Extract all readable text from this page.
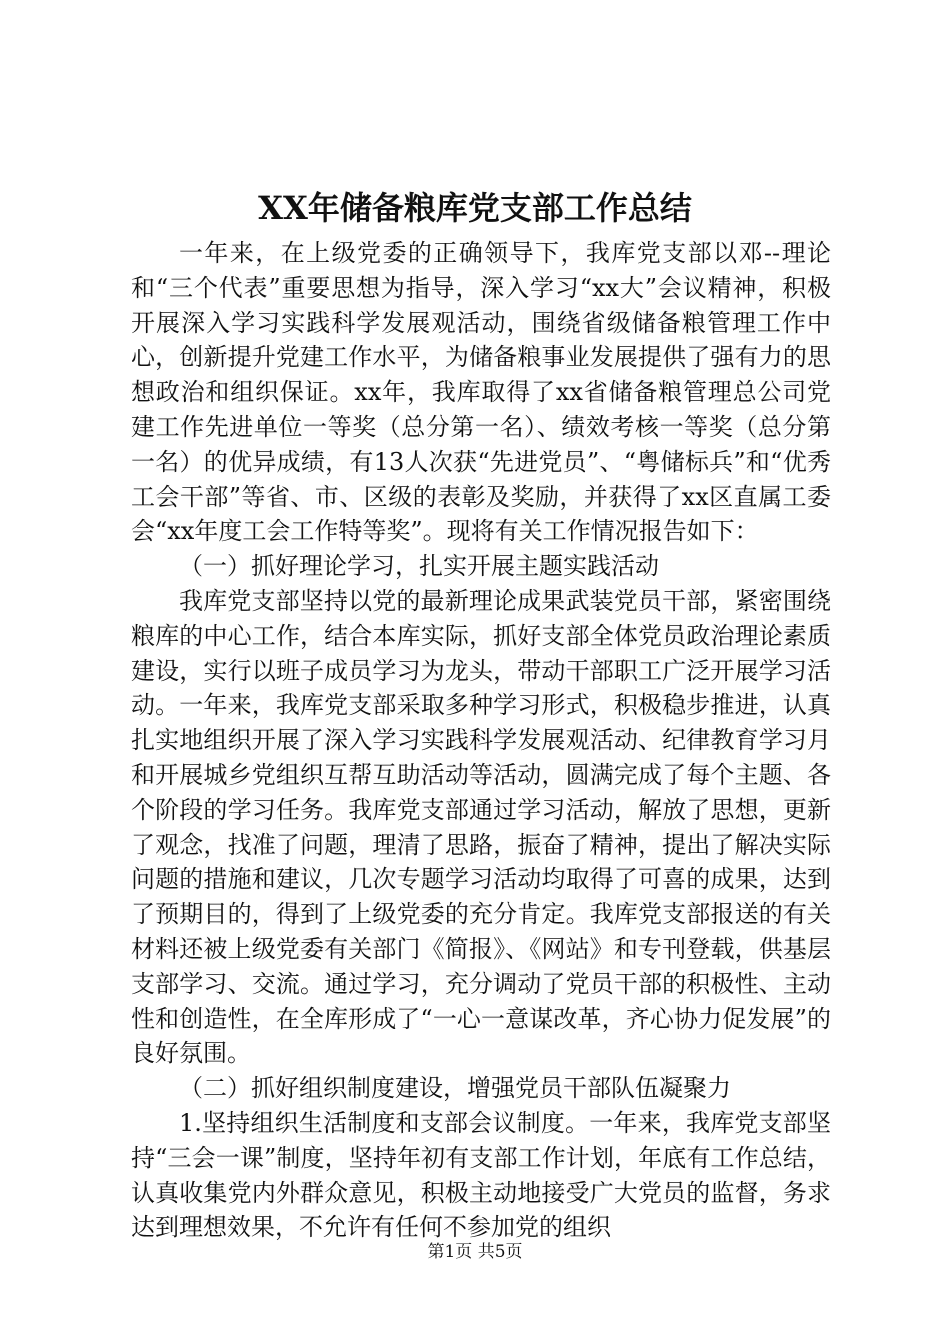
XX年储备粮库党支部工作总结

一年来，在上级党委的正确领导下，我库党支部以邓--理论和“三个代表”重要思想为指导，深入学习“xx大”会议精神，积极开展深入学习实践科学发展观活动，围绕省级储备粮管理工作中心，创新提升党建工作水平，为储备粮事业发展提供了强有力的思想政治和组织保证。xx年，我库取得了xx省储备粮管理总公司党建工作先进单位一等奖（总分第一名）、绩效考核一等奖（总分第一名）的优异成绩，有13人次获“先进党员”、“粤储标兵”和“优秀工会干部”等省、市、区级的表彰及奖励，并获得了xx区直属工委会“xx年度工会工作特等奖”。现将有关工作情况报告如下：

（一）抓好理论学习，扎实开展主题实践活动

我库党支部坚持以党的最新理论成果武装党员干部，紧密围绕粮库的中心工作，结合本库实际，抓好支部全体党员政治理论素质建设，实行以班子成员学习为龙头，带动干部职工广泛开展学习活动。一年来，我库党支部采取多种学习形式，积极稳步推进，认真扎实地组织开展了深入学习实践科学发展观活动、纪律教育学习月和开展城乡党组织互帮互助活动等活动，圆满完成了每个主题、各个阶段的学习任务。我库党支部通过学习活动，解放了思想，更新了观念，找准了问题，理清了思路，振奋了精神，提出了解决实际问题的措施和建议，几次专题学习活动均取得了可喜的成果，达到了预期目的，得到了上级党委的充分肯定。我库党支部报送的有关材料还被上级党委有关部门《简报》、《网站》和专刊登载，供基层支部学习、交流。通过学习，充分调动了党员干部的积极性、主动性和创造性，在全库形成了“一心一意谋改革，齐心协力促发展”的良好氛围。

（二）抓好组织制度建设，增强党员干部队伍凝聚力

1.坚持组织生活制度和支部会议制度。一年来，我库党支部坚持“三会一课”制度，坚持年初有支部工作计划，年底有工作总结，认真收集党内外群众意见，积极主动地接受广大党员的监督，务求达到理想效果，不允许有任何不参加党的组织

第1页 共5页
